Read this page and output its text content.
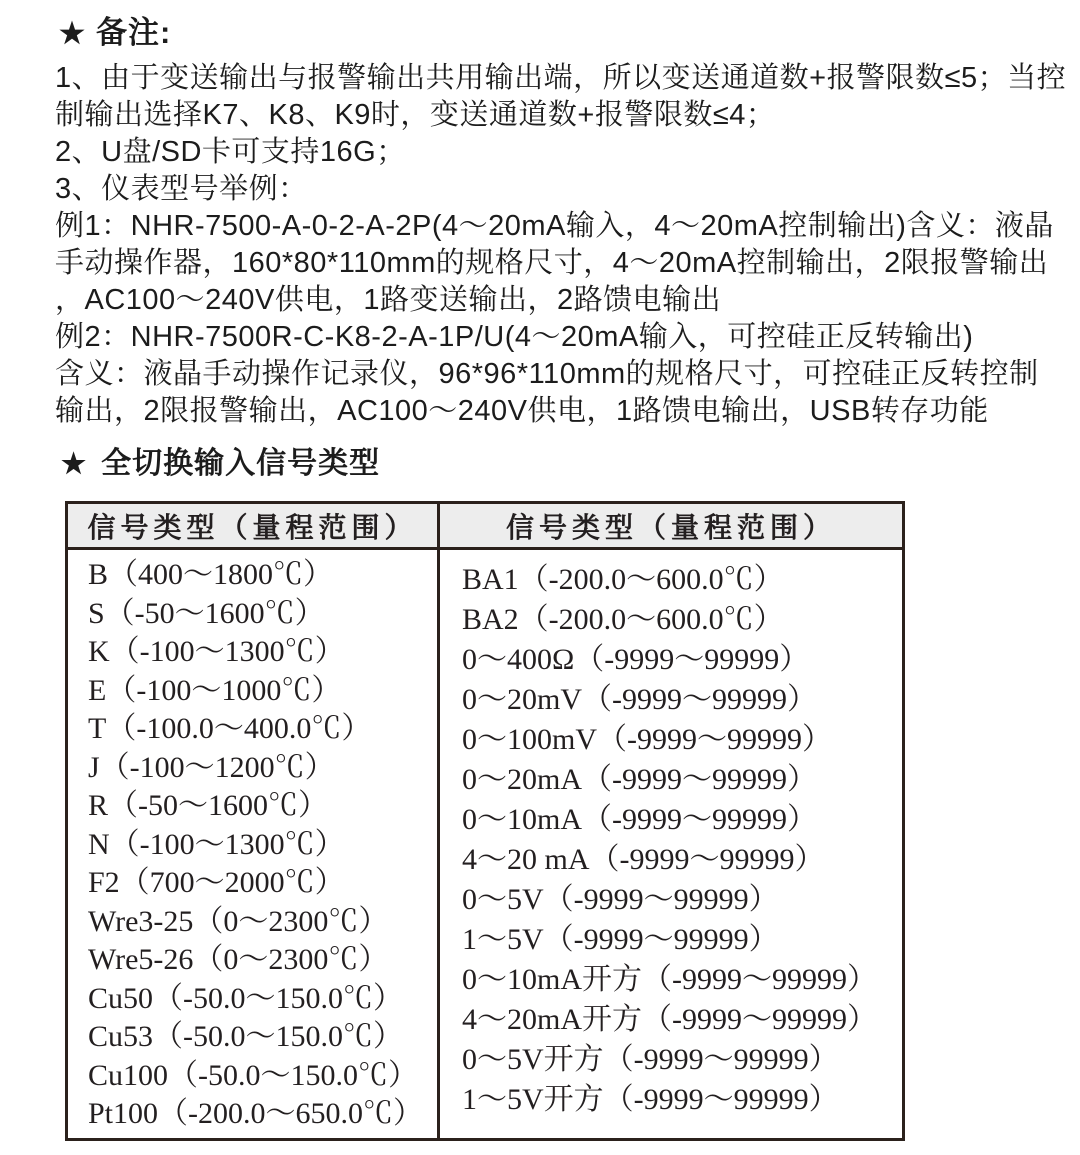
★ 备注:
1、由于变送输出与报警输出共用输出端，所以变送通道数+报警限数≤5；当控
制输出选择K7、K8、K9时，变送通道数+报警限数≤4；
2、U盘/SD卡可支持16G；
3、仪表型号举例：
例1：NHR-7500-A-0-2-A-2P(4～20mA输入，4～20mA控制输出)含义：液晶
手动操作器，160*80*110mm的规格尺寸，4～20mA控制输出，2限报警输出
，AC100～240V供电，1路变送输出，2路馈电输出
例2：NHR-7500R-C-K8-2-A-1P/U(4～20mA输入，可控硅正反转输出)
含义：液晶手动操作记录仪，96*96*110mm的规格尺寸，可控硅正反转控制
输出，2限报警输出，AC100～240V供电，1路馈电输出，USB转存功能
★ 全切换输入信号类型
信号类型（量程范围）	信号类型（量程范围）

B（400～1800℃）
S（-50～1600℃）
K（-100～1300℃）
E（-100～1000℃）
T（-100.0～400.0℃）
J（-100～1200℃）
R（-50～1600℃）
N（-100～1300℃）
F2（700～2000℃）
Wre3-25（0～2300℃）
Wre5-26（0～2300℃）
Cu50（-50.0～150.0℃）
Cu53（-50.0～150.0℃）
Cu100（-50.0～150.0℃）
Pt100（-200.0～650.0℃）

BA1（-200.0～600.0℃）
BA2（-200.0～600.0℃）
0～400Ω（-9999～99999）
0～20mV（-9999～99999）
0～100mV（-9999～99999）
0～20mA（-9999～99999）
0～10mA（-9999～99999）
4～20 mA（-9999～99999）
0～5V（-9999～99999）
1～5V（-9999～99999）
0～10mA开方（-9999～99999）
4～20mA开方（-9999～99999）
0～5V开方（-9999～99999）
1～5V开方（-9999～99999）
